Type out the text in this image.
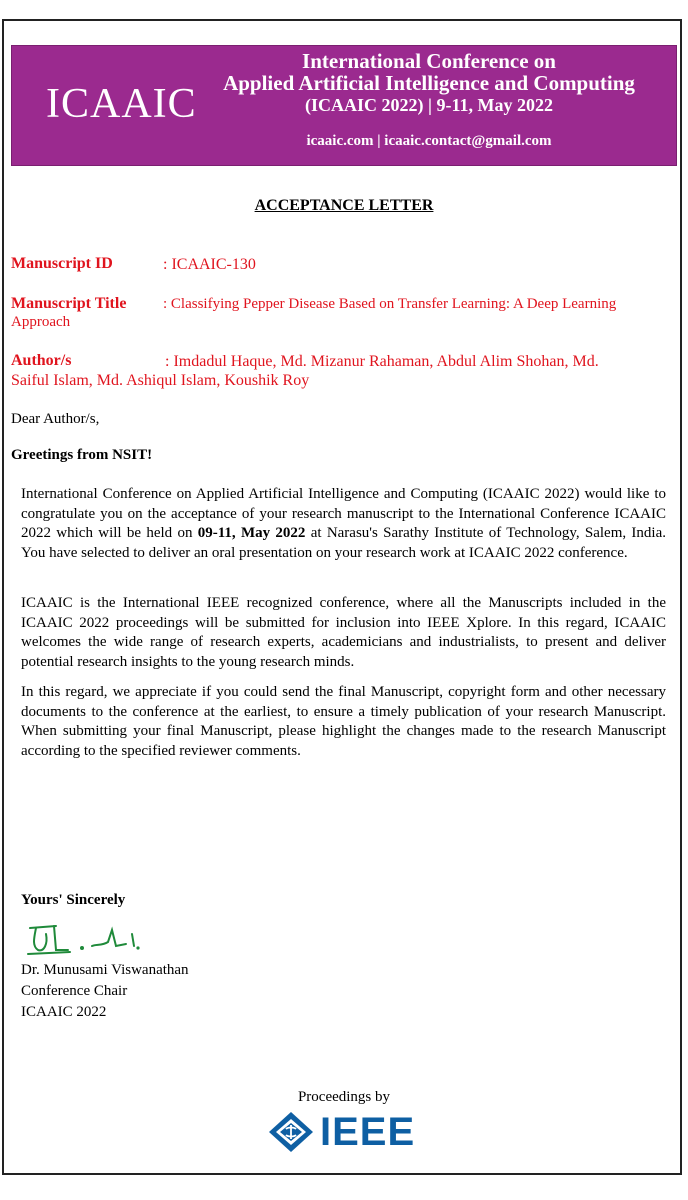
ICAAIC
International Conference on
Applied Artificial Intelligence and Computing
(ICAAIC 2022) | 9-11, May 2022
icaaic.com | icaaic.contact@gmail.com
ACCEPTANCE LETTER
Manuscript ID	: ICAAIC-130
Manuscript Title : Classifying Pepper Disease Based on Transfer Learning: A Deep Learning
Approach
Author/s	: Imdadul Haque, Md. Mizanur Rahaman, Abdul Alim Shohan, Md.
Saiful Islam, Md. Ashiqul Islam, Koushik Roy
Dear Author/s,
Greetings from NSIT!
International Conference on Applied Artificial Intelligence and Computing (ICAAIC 2022) would like to congratulate you on the acceptance of your research manuscript to the International Conference ICAAIC 2022 which will be held on 09-11, May 2022 at Narasu's Sarathy Institute of Technology, Salem, India. You have selected to deliver an oral presentation on your research work at ICAAIC 2022 conference.
ICAAIC is the International IEEE recognized conference, where all the Manuscripts included in the ICAAIC 2022 proceedings will be submitted for inclusion into IEEE Xplore. In this regard, ICAAIC welcomes the wide range of research experts, academicians and industrialists, to present and deliver potential research insights to the young research minds.
In this regard, we appreciate if you could send the final Manuscript, copyright form and other necessary documents to the conference at the earliest, to ensure a timely publication of your research Manuscript. When submitting your final Manuscript, please highlight the changes made to the research Manuscript according to the specified reviewer comments.
Yours' Sincerely
Dr. Munusami Viswanathan
Conference Chair
ICAAIC 2022
Proceedings by
IEEE
